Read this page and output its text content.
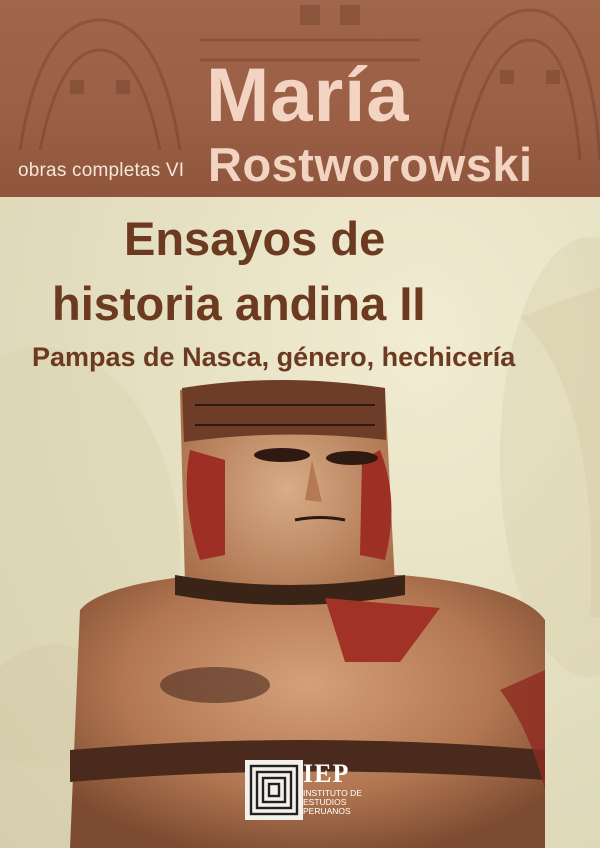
María
obras completas VI Rostworowski
Ensayos de
historia andina II
Pampas de Nasca, género, hechicería
IEP
INSTITUTO DE
ESTUDIOS
PERUANOS
